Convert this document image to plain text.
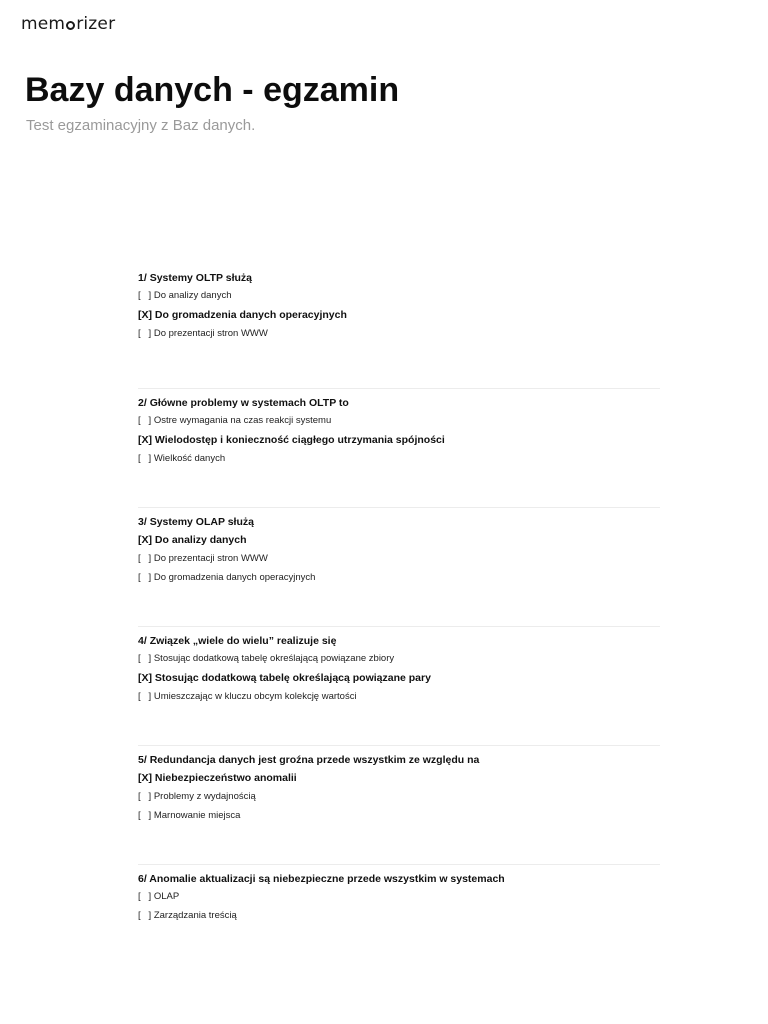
mem rizer
Bazy danych - egzamin
Test egzaminacyjny z Baz danych.
1/ Systemy OLTP służą
[   ] Do analizy danych
[X] Do gromadzenia danych operacyjnych
[   ] Do prezentacji stron WWW
2/ Główne problemy w systemach OLTP to
[   ] Ostre wymagania na czas reakcji systemu
[X] Wielodostęp i konieczność ciągłego utrzymania spójności
[   ] Wielkość danych
3/ Systemy OLAP służą
[X] Do analizy danych
[   ] Do prezentacji stron WWW
[   ] Do gromadzenia danych operacyjnych
4/ Związek „wiele do wielu” realizuje się
[   ] Stosując dodatkową tabelę określającą powiązane zbiory
[X] Stosując dodatkową tabelę określającą powiązane pary
[   ] Umieszczając w kluczu obcym kolekcję wartości
5/ Redundancja danych jest groźna przede wszystkim ze względu na
[X] Niebezpieczeństwo anomalii
[   ] Problemy z wydajnością
[   ] Marnowanie miejsca
6/ Anomalie aktualizacji są niebezpieczne przede wszystkim w systemach
[   ] OLAP
[   ] Zarządzania treścią
